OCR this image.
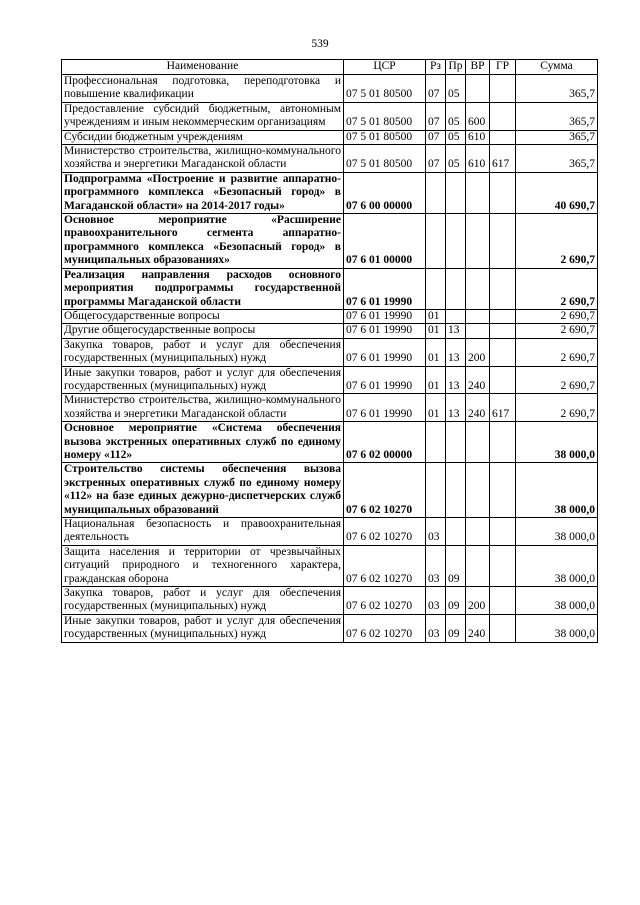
539
Наименование	ЦСР	Рз	Пр	ВР	ГР	Сумма
Профессиональная подготовка, переподготовка и повышение квалификации	07 5 01 80500	07	05			365,7
Предоставление субсидий бюджетным, автономным учреждениям и иным некоммерческим организациям	07 5 01 80500	07	05	600		365,7
Субсидии бюджетным учреждениям	07 5 01 80500	07	05	610		365,7
Министерство строительства, жилищно-коммунального хозяйства и энергетики Магаданской области	07 5 01 80500	07	05	610	617	365,7
Подпрограмма «Построение и развитие аппаратно-программного комплекса «Безопасный город» в Магаданской области» на 2014-2017 годы»	07 6 00 00000					40 690,7
Основное мероприятие «Расширение правоохранительного сегмента аппаратно-программного комплекса «Безопасный город» в муниципальных образованиях»	07 6 01 00000					2 690,7
Реализация направления расходов основного мероприятия подпрограммы государственной программы Магаданской области	07 6 01 19990					2 690,7
Общегосударственные вопросы	07 6 01 19990	01				2 690,7
Другие общегосударственные вопросы	07 6 01 19990	01	13			2 690,7
Закупка товаров, работ и услуг для обеспечения государственных (муниципальных) нужд	07 6 01 19990	01	13	200		2 690,7
Иные закупки товаров, работ и услуг для обеспечения государственных (муниципальных) нужд	07 6 01 19990	01	13	240		2 690,7
Министерство строительства, жилищно-коммунального хозяйства и энергетики Магаданской области	07 6 01 19990	01	13	240	617	2 690,7
Основное мероприятие «Система обеспечения вызова экстренных оперативных служб по единому номеру «112»	07 6 02 00000					38 000,0
Строительство системы обеспечения вызова экстренных оперативных служб по единому номеру «112» на базе единых дежурно-диспетчерских служб муниципальных образований	07 6 02 10270					38 000,0
Национальная безопасность и правоохранительная деятельность	07 6 02 10270	03				38 000,0
Защита населения и территории от чрезвычайных ситуаций природного и техногенного характера, гражданская оборона	07 6 02 10270	03	09			38 000,0
Закупка товаров, работ и услуг для обеспечения государственных (муниципальных) нужд	07 6 02 10270	03	09	200		38 000,0
Иные закупки товаров, работ и услуг для обеспечения государственных (муниципальных) нужд	07 6 02 10270	03	09	240		38 000,0
